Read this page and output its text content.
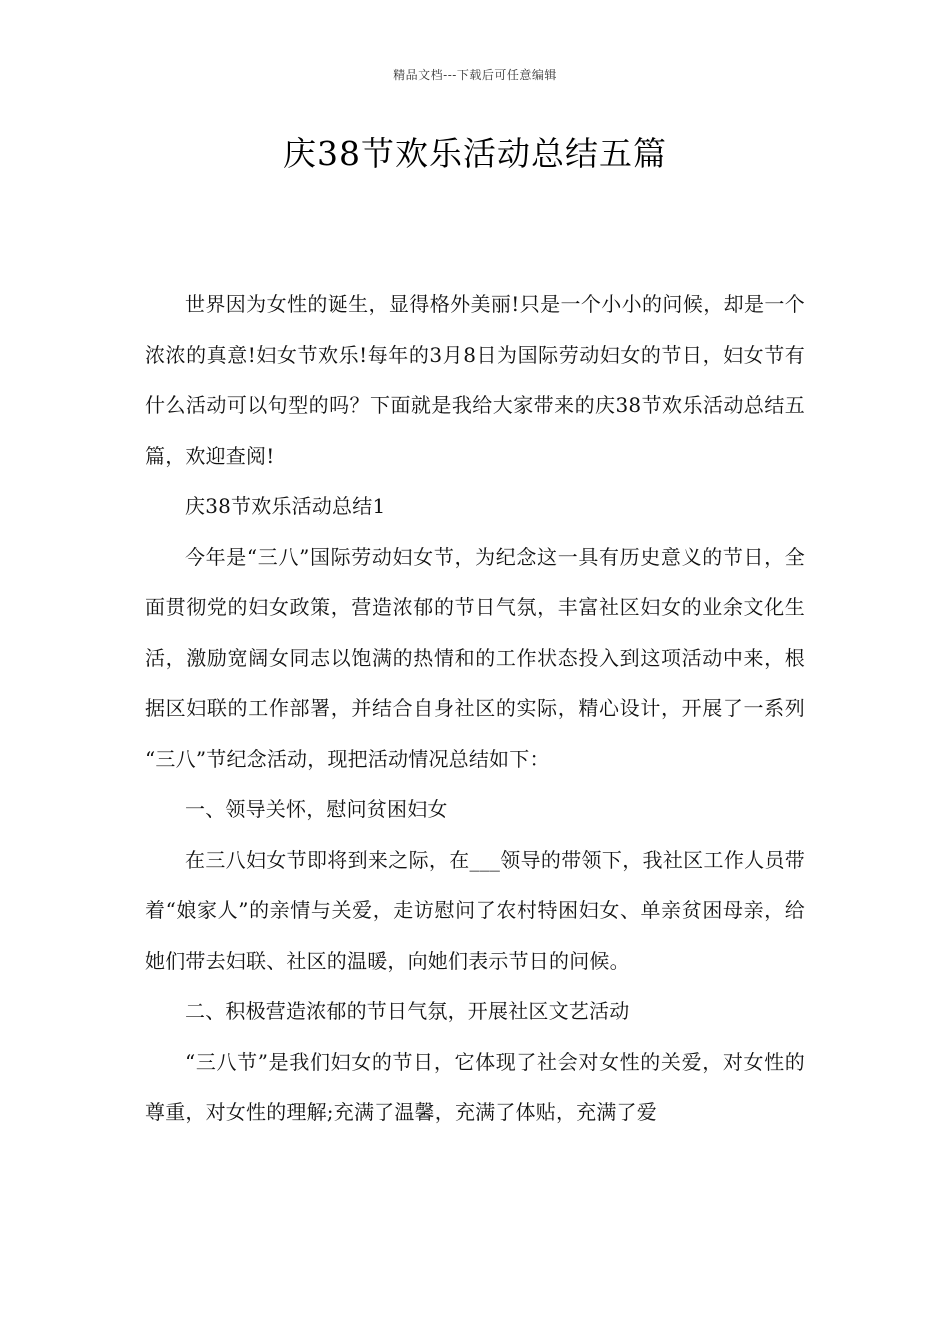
精品文档---下载后可任意编辑
庆38节欢乐活动总结五篇

世界因为女性的诞生，显得格外美丽!只是一个小小的问候，却是一个浓浓的真意!妇女节欢乐!每年的3月8日为国际劳动妇女的节日，妇女节有什么活动可以句型的吗？下面就是我给大家带来的庆38节欢乐活动总结五篇，欢迎查阅!

庆38节欢乐活动总结1

今年是“三八”国际劳动妇女节，为纪念这一具有历史意义的节日，全面贯彻党的妇女政策，营造浓郁的节日气氛，丰富社区妇女的业余文化生活，激励宽阔女同志以饱满的热情和的工作状态投入到这项活动中来，根据区妇联的工作部署，并结合自身社区的实际，精心设计，开展了一系列 “三八”节纪念活动，现把活动情况总结如下：

一、领导关怀，慰问贫困妇女

在三八妇女节即将到来之际，在___领导的带领下，我社区工作人员带着“娘家人”的亲情与关爱，走访慰问了农村特困妇女、单亲贫困母亲，给她们带去妇联、社区的温暖，向她们表示节日的问候。

二、积极营造浓郁的节日气氛，开展社区文艺活动

“三八节”是我们妇女的节日，它体现了社会对女性的关爱，对女性的尊重，对女性的理解;充满了温馨，充满了体贴，充满了爱
